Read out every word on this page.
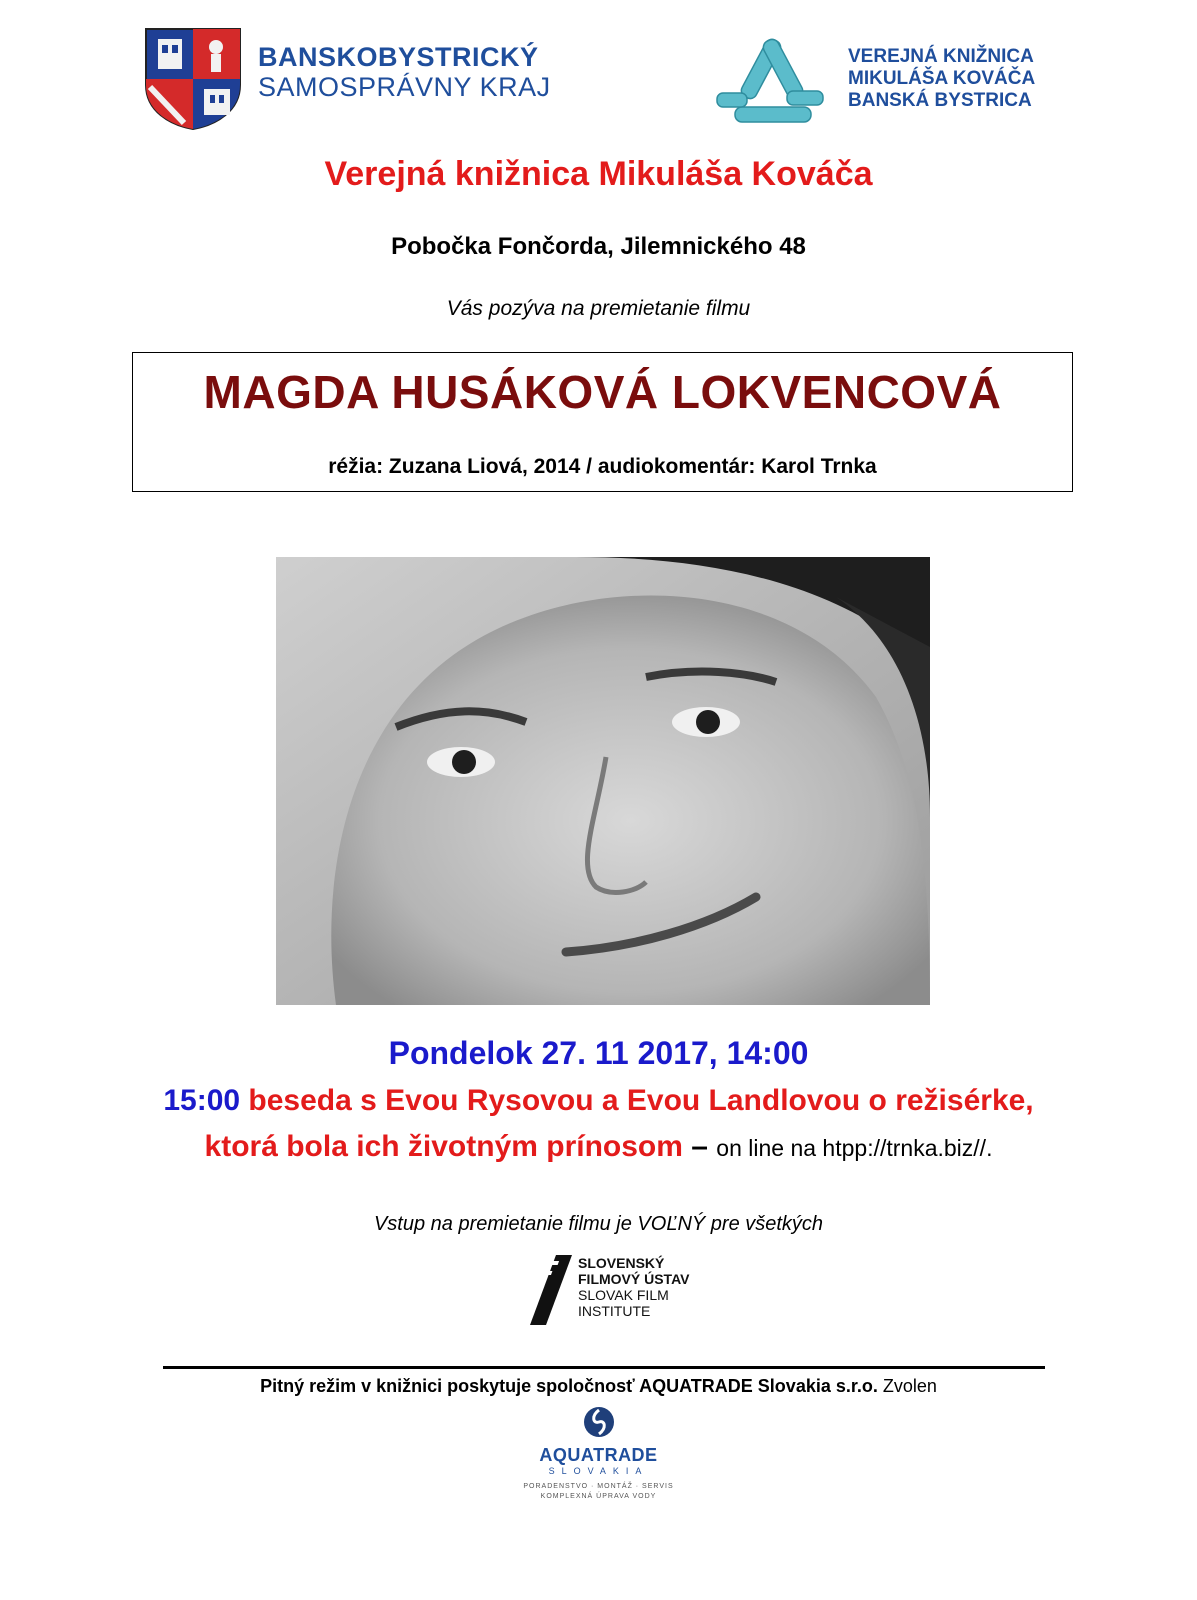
BANSKOBYSTRICKÝ
SAMOSPRÁVNY KRAJ
VEREJNÁ KNIŽNICA
MIKULÁŠA KOVÁČA
BANSKÁ BYSTRICA
Verejná knižnica Mikuláša Kováča
Pobočka Fončorda, Jilemnického 48
Vás pozýva na premietanie filmu
MAGDA HUSÁKOVÁ LOKVENCOVÁ
réžia: Zuzana Liová, 2014 / audiokomentár: Karol Trnka
Pondelok 27. 11 2017, 14:00
15:00 beseda s Evou Rysovou a Evou Landlovou o režisérke,
ktorá bola ich životným prínosom – on line na htpp://trnka.biz//.
Vstup na premietanie filmu je VOĽNÝ pre všetkých
SLOVENSKÝ
FILMOVÝ ÚSTAV
SLOVAK FILM
INSTITUTE
Pitný režim v knižnici poskytuje spoločnosť AQUATRADE Slovakia s.r.o. Zvolen
AQUATRADE
SLOVAKIA
PORADENSTVO · MONTÁŽ · SERVIS
KOMPLEXNÁ ÚPRAVA VODY
